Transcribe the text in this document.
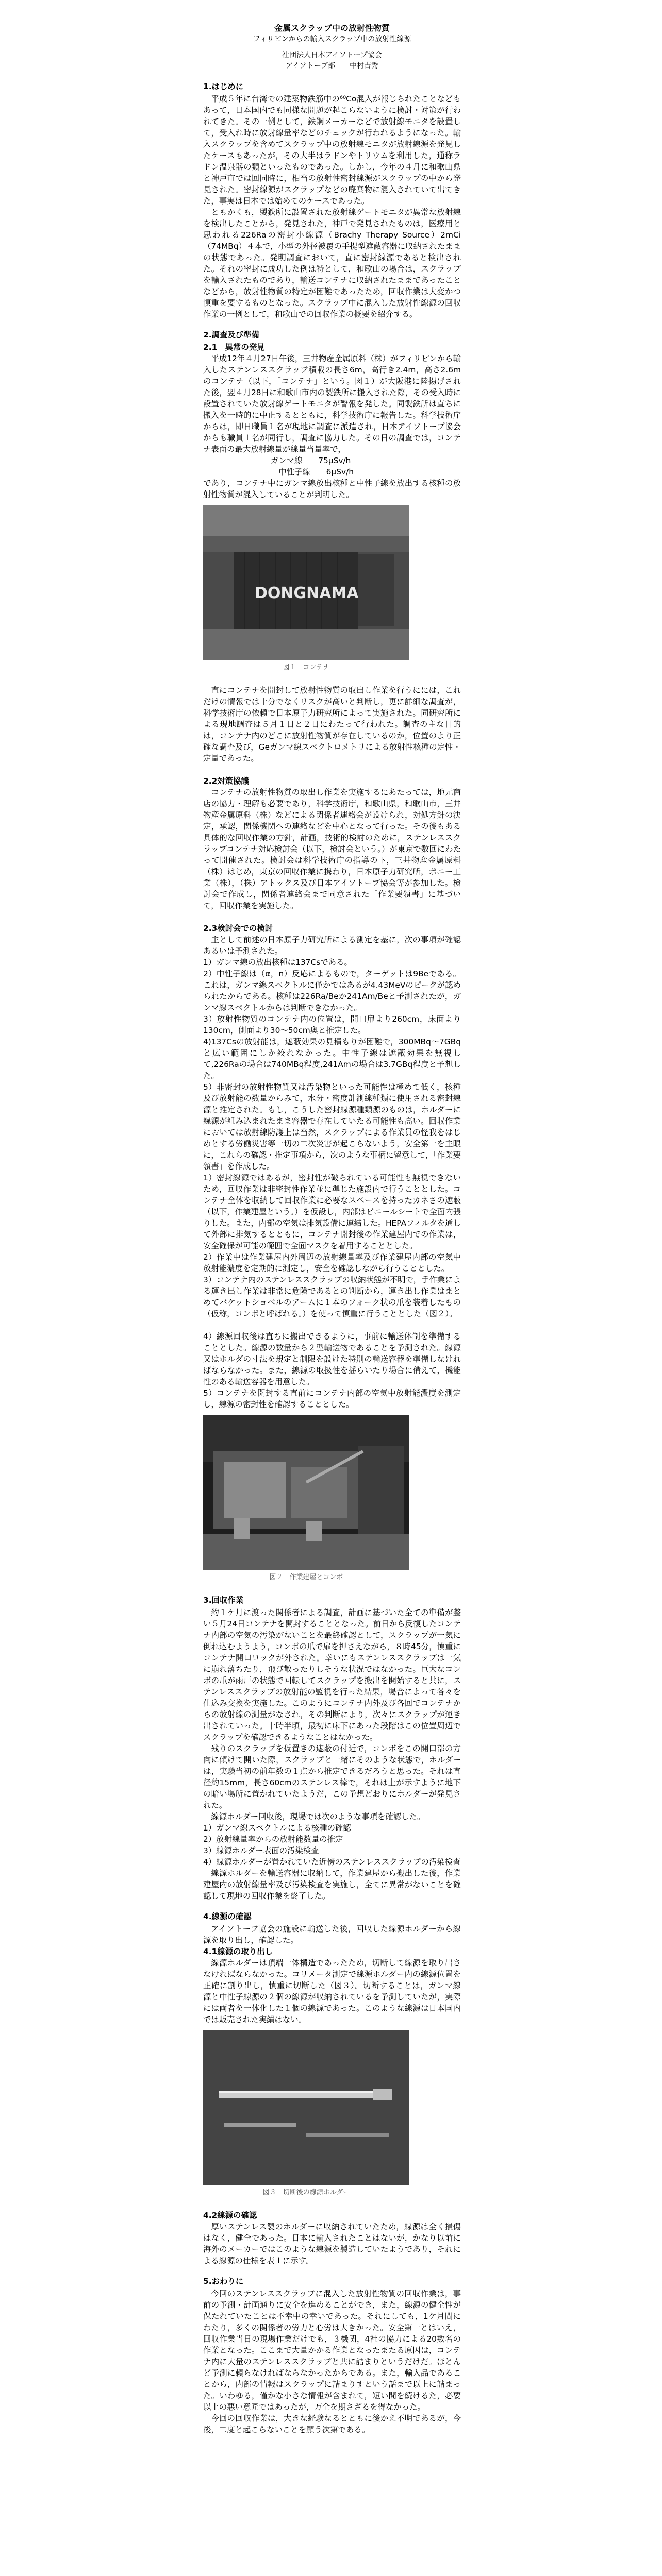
金属スクラップ中の放射性物質
フィリピンからの輸入スクラップ中の放射性線源
社団法人日本アイソトープ協会
アイソトープ部　　中村吉秀
1.はじめに

平成５年に台湾での建築物鉄筋中の⁶⁰Co混入が報じられたことなどもあって，日本国内でも同様な問題が起こらないように検討・対策が行われてきた。その一例として，鉄鋼メーカーなどで放射線モニタを設置して，受入れ時に放射線量率などのチェックが行われるようになった。輸入スクラップを含めてスクラップ中の放射線モニタが放射線源を発見したケースもあったが，その大半はラドンやトリウムを利用した，通称ラドン温泉器の類といったものであった。しかし，今年の４月に和歌山県と神戸市では回同時に，相当の放射性密封線源がスクラップの中から発見された。密封線源がスクラップなどの廃棄物に混入されていて出てきた，事実は日本では始めてのケースであった。

ともかくも，製鉄所に設置された放射線ゲートモニタが異常な放射線を検出したことから，発見された，神戸で発見されたものは，医療用と思われる226Raの密封小線源（Brachy Therapy Source）2mCi（74MBq）４本で，小型の外径被覆の手提型遮蔽容器に収納されたままの状態であった。発明調査において，直に密封線源であると検出された。それの密封に成功した例は特として，和歌山の場合は，スクラップを輸入されたものであり，輸送コンテナに収納されたままであったことなどから，放射性物質の特定が困難であったため，回収作業は大変かつ慎重を要するものとなった。スクラップ中に混入した放射性線源の回収作業の一例として，和歌山での回収作業の概要を紹介する。

2.調査及び準備
2.1　異常の発見

平成12年４月27日午後，三井物産金属原料（株）がフィリピンから輸入したステンレススクラップ積載の長さ6m，高行き2.4m，高さ2.6mのコンテナ（以下，「コンテナ」という。図１）が大阪港に陸揚げされた後，翌４月28日に和歌山市内の製鉄所に搬入された際，その受入時に設置されていた放射線ゲートモニタが警報を発した。同製鉄所は直ちに搬入を一時的に中止するとともに，科学技術庁に報告した。科学技術庁からは，即日職員１名が現地に調査に派遣され，日本アイソトープ協会からも職員１名が同行し，調査に協力した。その日の調査では，コンテナ表面の最大放射線量が線量当量率で，

ガンマ線　　75μSv/h

中性子線　　6μSv/h

であり，コンテナ中にガンマ線放出核種と中性子線を放出する核種の放射性物質が混入していることが判明した。

DONGNAMA
図１　コンテナ

直にコンテナを開封して放射性物質の取出し作業を行うにには，これだけの情報では十分でなくリスクが高いと判断し，更に詳細な調査が，科学技術庁の依頼で日本原子力研究所によって実施された。同研究所による現地調査は５月１日と２日にわたって行われた。調査の主な目的は，コンテナ内のどこに放射性物質が存在しているのか，位置のより正確な調査及び，Geガンマ線スペクトロメトリによる放射性核種の定性・定量であった。

2.2対策協議

コンテナの放射性物質の取出し作業を実施するにあたっては，地元商店の協力・理解も必要であり，科学技術庁，和歌山県，和歌山市，三井物産金属原料（株）などによる関係者連絡会が設けられ，対処方針の決定，承認，関係機関への連絡などを中心となって行った。その後もある具体的な回収作業の方針，計画，技術的検討のために，ステンレススクラップコンテナ対応検討会（以下，検討会という。）が東京で数回にわたって開催された。検討会は科学技術庁の指導の下，三井物産金属原料（株）はじめ，東京の回収作業に携わり，日本原子力研究所，ポニー工業（株），（株）アトックス及び日本アイソトープ協会等が参加した。検討会で作成し，関係者連絡会まで同意された「作業要領書」に基づいて，回収作業を実施した。

2.3検討会での検討

主として前述の日本原子力研究所による測定を基に，次の事項が確認あるいは予測された。

1）ガンマ線の放出核種は137Csである。

2）中性子線は（α，n）反応によるもので，ターゲットは9Beである。これは，ガンマ線スペクトルに僅かではあるが4.43MeVのピークが認められたからである。核種は226Ra/Beか241Am/Beと予測されたが，ガンマ線スペクトルからは判断できなかった。

3）放射性物質のコンテナ内の位置は，開口扉より260cm，床面より130cm，側面より30〜50cm奥と推定した。

4)137Csの放射能は，遮蔽効果の見積もりが困難で，300MBq〜7GBqと広い範囲にしか絞れなかった。中性子線は遮蔽効果を無視して,226Raの場合は740MBq程度,241Amの場合は3.7GBq程度と予想した。

5）非密封の放射性物質又は汚染物といった可能性は極めて低く，核種及び放射能の数量からみて，水分・密度計測線種類に使用される密封線源と推定された。もし，こうした密封線源種類源のものは，ホルダーに線源が組み込まれたまま容器で存在していたる可能性も高い。回収作業においては放射線防護上は当然，スクラップによる作業員の怪我をはじめとする労働災害等一切の二次災害が起こらないよう，安全第一を主眼に，これらの確認・推定事項から，次のような事柄に留意して，「作業要領書」を作成した。

1）密封線源ではあるが，密封性が破られている可能性も無視できないため，回収作業は非密封性作業並に準じた施設内で行うこととした。コンテナ全体を収納して回収作業に必要なスペースを持ったカネさの遮蔽（以下，作業建屋という。）を仮設し，内部はビニールシートで全面内張りした。また，内部の空気は排気設備に連結した。HEPAフィルタを通して外部に排気するとともに，コンテナ開封後の作業建屋内での作業は，安全確保が可能の範囲で全面マスクを着用することとした。

2）作業中は作業建屋内外周辺の放射線量率及び作業建屋内部の空気中放射能濃度を定期的に測定し，安全を確認しながら行うこととした。

3）コンテナ内のステンレススクラップの収納状態が不明で，手作業による運き出し作業は非常に危険であるとの判断から，運き出し作業はまとめてバケットショベルのアームに１本のフォーク状の爪を装着したもの（仮称，コンボと呼ばれる。）を使って慎重に行うこととした（図２）。

4）線源回収後は直ちに搬出できるように，事前に輸送体制を準備することとした。線源の数量から２型輸送物であることを予測された。線源又はホルダの寸法を規定と制限を設けた特別の輸送容器を準備しなければならなかった。また，線源の取扱性を揺らいたり場合に備えて，機能性のある輸送容器を用意した。

5）コンテナを開封する直前にコンテナ内部の空気中放射能濃度を測定し，線源の密封性を確認することとした。

図２　作業建屋とコンボ
3.回収作業

約１ケ月に渡った関係者による調査，計画に基づいた全ての準備が整い５月24日コンテナを開封することとなった。前日から反復したコンテナ内部の空気の汚染がないことを最終確認として，スクラップが一気に倒れ込むようよう，コンボの爪で扉を押さえながら，８時45分，慎重にコンテナ開口ロックが外された。幸いにもステンレススクラップは一気に崩れ落ちたり，飛び散ったりしそうな状況ではなかった。巨大なコンボの爪が雨戸の状態で回転してスクラップを搬出を開始すると共に，ステンレススクラップの放射能の監視を行った結果，場合によって各々を仕込み交換を実施した。このようにコンテナ内外及び各回でコンテナからの放射線の測量がなされ，その判断により，次々にスクラップが運き出されていった。十時半頃，最初に床下にあった段階はこの位置周辺でスクラップを確認できるようなことはなかった。

残りのスクラップを仮置きの遮蔽の付近で，コンボをこの開口部の方向に傾けて開いた際，スクラップと一緒にそのような状態で，ホルダーは，実験当初の前年数の１点から推定できるだろうと思った。それは直径約15mm，長さ60cmのステンレス棒で，それは上が示すように地下の暗い場所に置かれていたようだ，この予想どおりにホルダーが発見された。

線源ホルダー回収後，現場では次のような事項を確認した。

1）ガンマ線スペクトルによる核種の確認

2）放射線量率からの放射能数量の推定

3）線源ホルダー表面の汚染検査

4）線源ホルダーが置かれていた近傍のステンレススクラップの汚染検査

線源ホルダーを輸送容器に収納して，作業建屋から搬出した後，作業建屋内の放射線量率及び汚染検査を実施し，全てに異常がないことを確認して現地の回収作業を終了した。

4.線源の確認

アイソトープ協会の施設に輸送した後，回収した線源ホルダーから線源を取り出し，確認した。

4.1線源の取り出し

線源ホルダーは頂端一体構造であったため，切断して線源を取り出さなければならなかった。コリメータ測定で線源ホルダー内の線源位置を正確に割り出し，慎重に切断した（図３）。切断することは，ガンマ線源と中性子線源の２個の線源が収納されているを予測していたが，実際には両者を一体化した１個の線源であった。このような線源は日本国内では販売された実績はない。

図３　切断後の線源ホルダー
4.2線源の確認

厚いステンレス製のホルダーに収納されていたため，線源は全く損傷はなく，健全であった。日本に輸入されたことはないが，かなり以前に海外のメーカーではこのような線源を製造していたようであり，それによる線源の仕様を表１に示す。

5.おわりに

今回のステンレススクラップに混入した放射性物質の回収作業は，事前の予測・計画通りに安全を進めることができ，また，線源の健全性が保たれていたことは不幸中の幸いであった。それにしても，1ケ月間にわたり，多くの関係者の労力と心労は大きかった。安全第一とはいえ，回収作業当日の現場作業だけでも，３機関，4社の協力による20数名の作業となった。ここまで大量かかる作業となったまたる原因は，コンテナ内に大量のステンレススクラップと共に詰まりというだけだ。ほとんど予測に頼らなければならなかったからである。また，輸入品であることから，内部の情報はスクラップに詰まりすという話まで以上に詰まった。いわゆる，僅かな小さな情報が含まれて，短い間を続けるた，必要以上の悪い意匠ではあったが，万全を期さざるを得なかった。

今回の回収作業は，大きな経験なるとともに後かえ不明であるが，今後，二度と起こらないことを願う次第である。
